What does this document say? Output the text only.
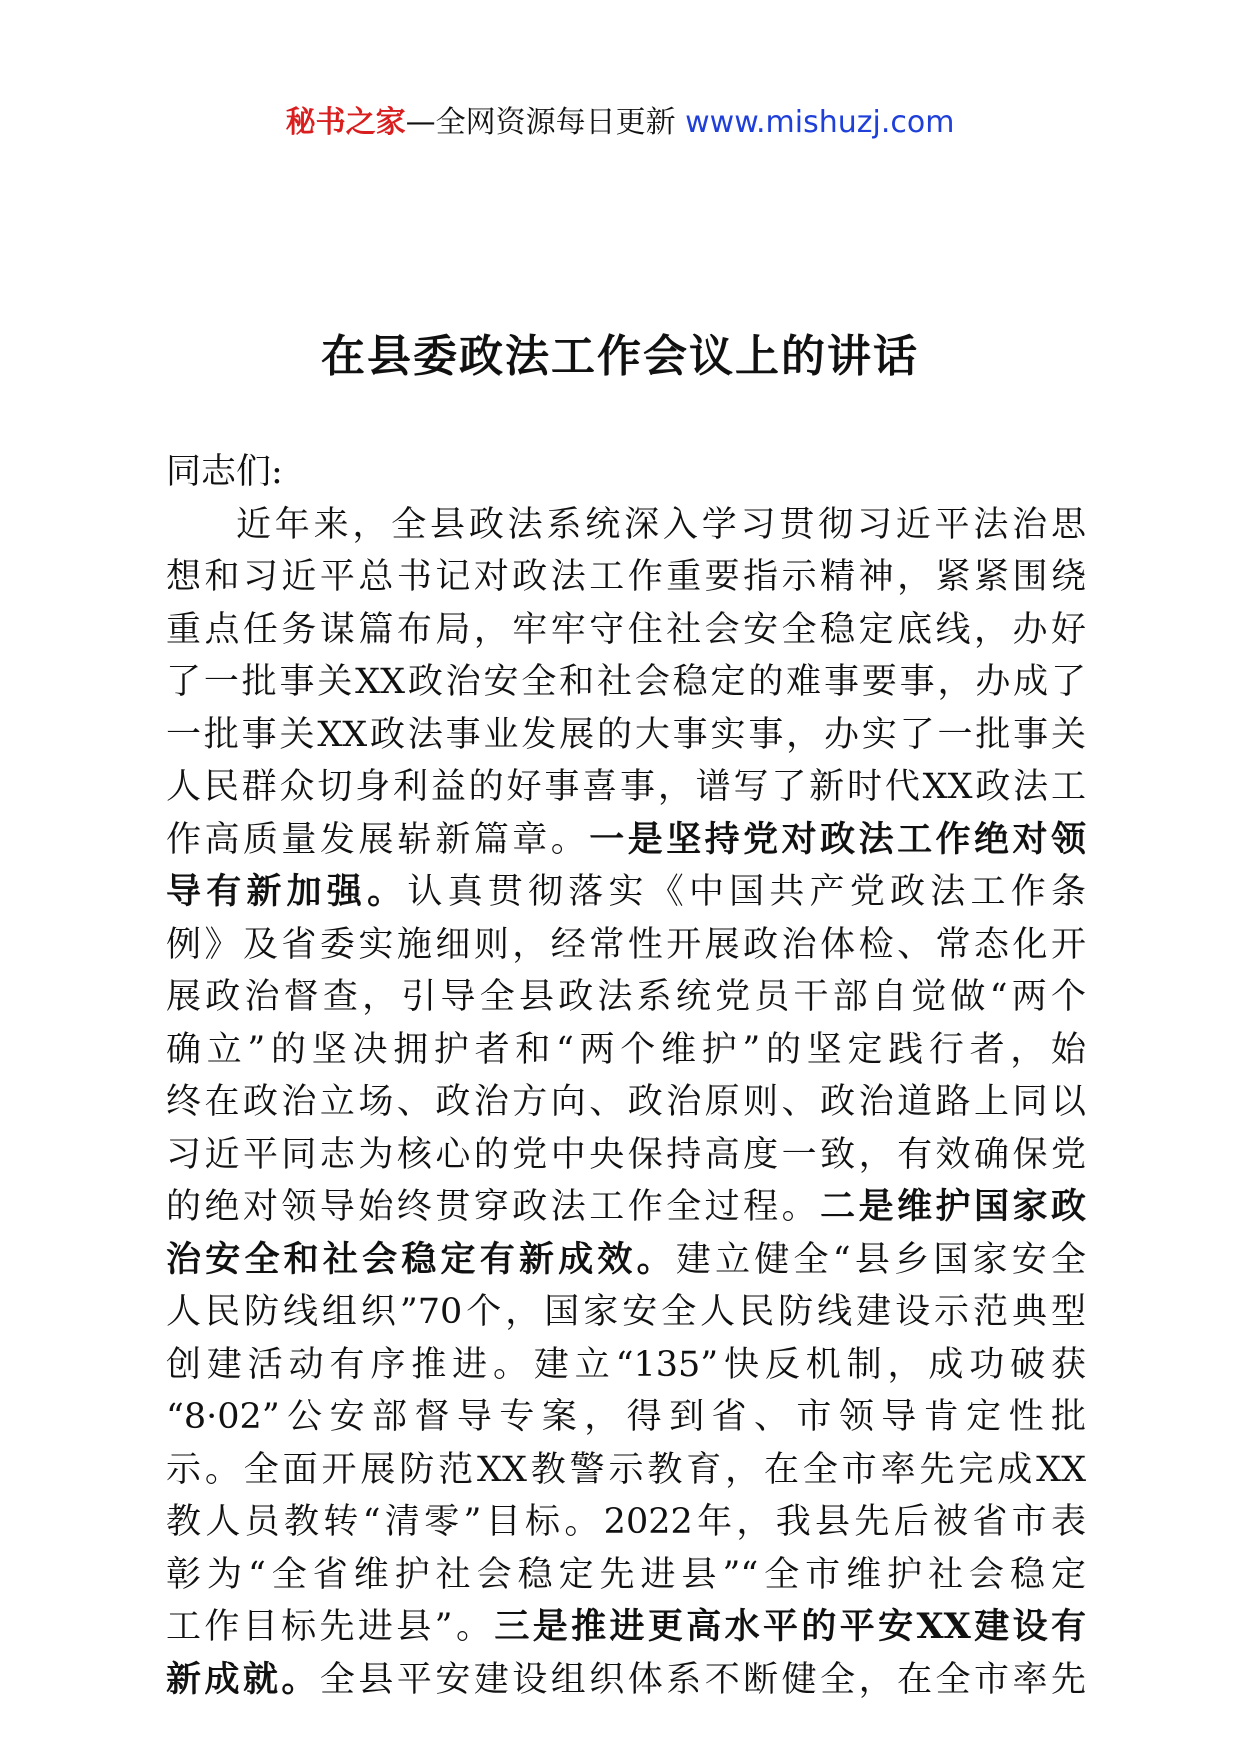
秘书之家—全网资源每日更新 www.mishuzj.com
在县委政法工作会议上的讲话
同志们:
近年来，全县政法系统深入学习贯彻习近平法治思
想和习近平总书记对政法工作重要指示精神，紧紧围绕
重点任务谋篇布局，牢牢守住社会安全稳定底线，办好
了一批事关XX政治安全和社会稳定的难事要事，办成了
一批事关XX政法事业发展的大事实事，办实了一批事关
人民群众切身利益的好事喜事，谱写了新时代XX政法工
作高质量发展崭新篇章。一是坚持党对政法工作绝对领
导有新加强。认真贯彻落实《中国共产党政法工作条
例》及省委实施细则，经常性开展政治体检、常态化开
展政治督查，引导全县政法系统党员干部自觉做“两个
确立”的坚决拥护者和“两个维护”的坚定践行者，始
终在政治立场、政治方向、政治原则、政治道路上同以
习近平同志为核心的党中央保持高度一致，有效确保党
的绝对领导始终贯穿政法工作全过程。二是维护国家政
治安全和社会稳定有新成效。建立健全“县乡国家安全
人民防线组织”70个，国家安全人民防线建设示范典型
创建活动有序推进。建立“135”快反机制，成功破获
“8·02”公安部督导专案，得到省、市领导肯定性批
示。全面开展防范XX教警示教育，在全市率先完成XX
教人员教转“清零”目标。2022年，我县先后被省市表
彰为“全省维护社会稳定先进县”“全市维护社会稳定
工作目标先进县”。三是推进更高水平的平安XX建设有
新成就。全县平安建设组织体系不断健全，在全市率先
